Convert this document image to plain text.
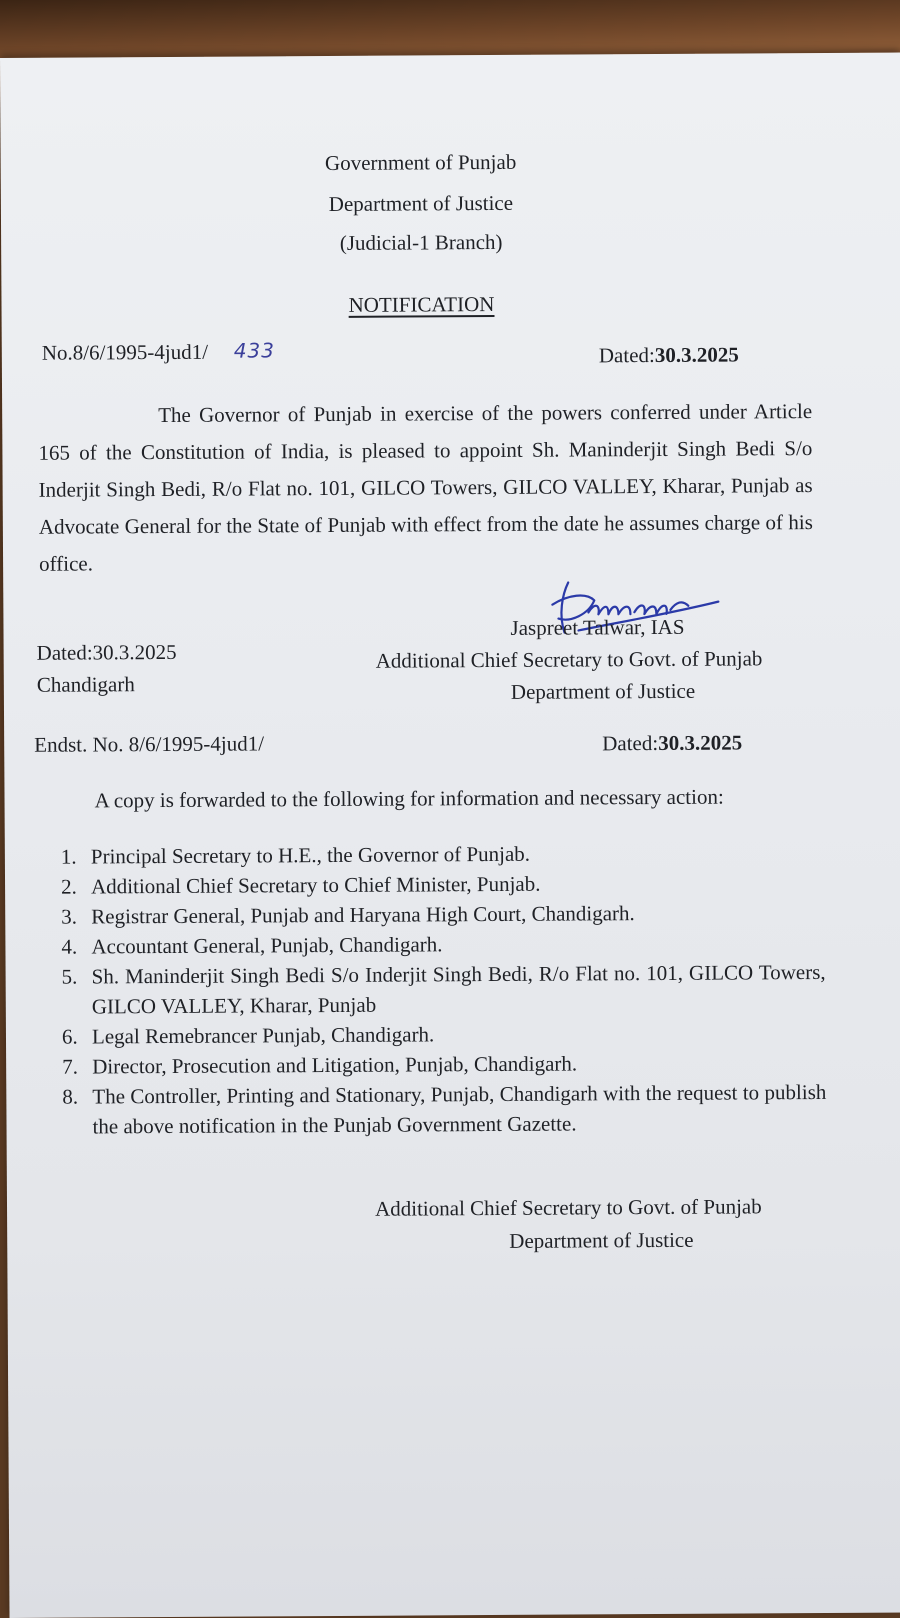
Government of Punjab
Department of Justice
(Judicial-1 Branch)
NOTIFICATION
No.8/6/1995-4jud1/ 433	Dated:30.3.2025
The Governor of Punjab in exercise of the powers conferred under Article 165 of the Constitution of India, is pleased to appoint Sh. Maninderjit Singh Bedi S/o Inderjit Singh Bedi, R/o Flat no. 101, GILCO Towers, GILCO VALLEY, Kharar, Punjab as Advocate General for the State of Punjab with effect from the date he assumes charge of his office.
Jaspreet Talwar, IAS
Additional Chief Secretary to Govt. of Punjab
Department of Justice
Dated:30.3.2025
Chandigarh
Endst. No. 8/6/1995-4jud1/	Dated:30.3.2025
A copy is forwarded to the following for information and necessary action:
1. Principal Secretary to H.E., the Governor of Punjab.
2. Additional Chief Secretary to Chief Minister, Punjab.
3. Registrar General, Punjab and Haryana High Court, Chandigarh.
4. Accountant General, Punjab, Chandigarh.
5. Sh. Maninderjit Singh Bedi S/o Inderjit Singh Bedi, R/o Flat no. 101, GILCO Towers, GILCO VALLEY, Kharar, Punjab
6. Legal Remebrancer Punjab, Chandigarh.
7. Director, Prosecution and Litigation, Punjab, Chandigarh.
8. The Controller, Printing and Stationary, Punjab, Chandigarh with the request to publish the above notification in the Punjab Government Gazette.
Additional Chief Secretary to Govt. of Punjab
Department of Justice
